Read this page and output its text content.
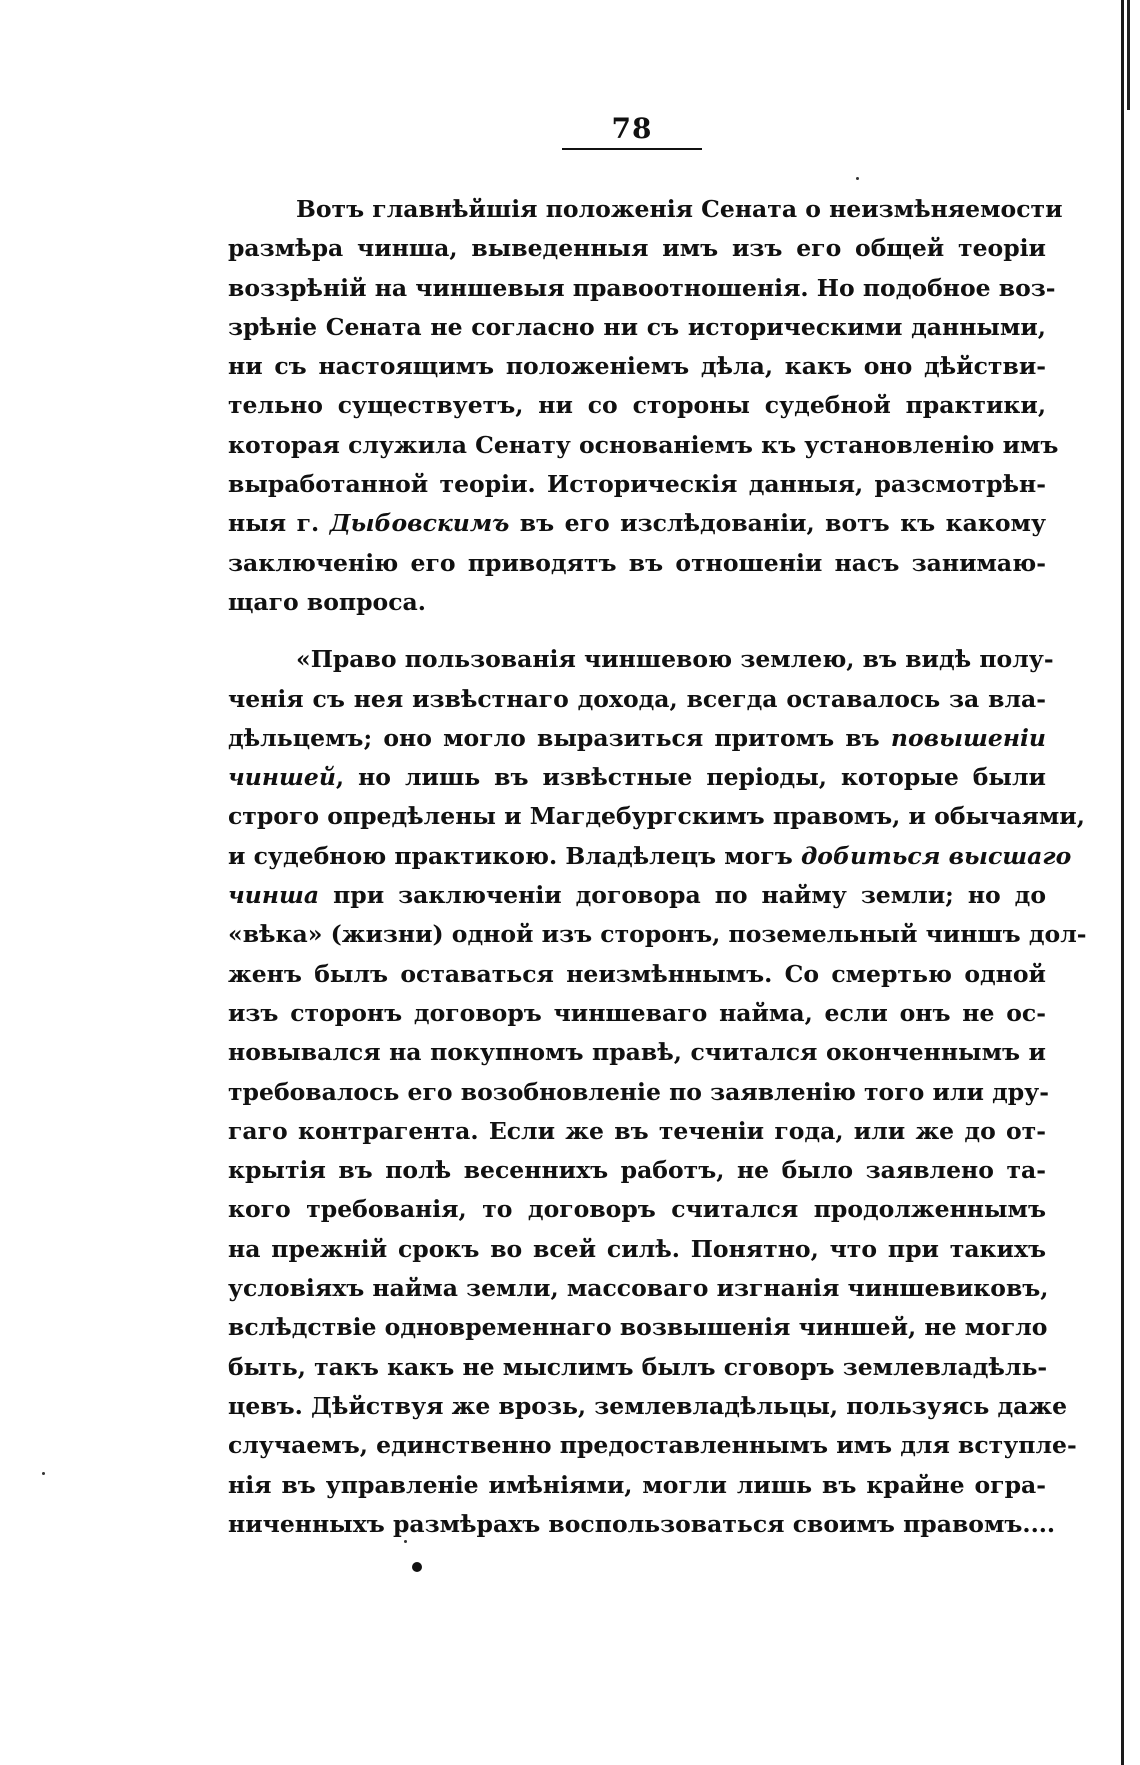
78
Вотъ главнѣйшія положенія Сената о неизмѣняемости
размѣра чинша, выведенныя имъ изъ его общей теоріи
воззрѣній на чиншевыя правоотношенія. Но подобное воз-
зрѣніе Сената не согласно ни съ историческими данными,
ни съ настоящимъ положеніемъ дѣла, какъ оно дѣйстви-
тельно существуетъ, ни со стороны судебной практики,
которая служила Сенату основаніемъ къ установленію имъ
выработанной теоріи. Историческія данныя, разсмотрѣн-
ныя г. Дыбовскимъ въ его изслѣдованіи, вотъ къ какому
заключенію его приводятъ въ отношеніи насъ занимаю-
щаго вопроса.
«Право пользованія чиншевою землею, въ видѣ полу-
ченія съ нея извѣстнаго дохода, всегда оставалось за вла-
дѣльцемъ; оно могло выразиться притомъ въ повышеніи
чиншей, но лишь въ извѣстные періоды, которые были
строго опредѣлены и Магдебургскимъ правомъ, и обычаями,
и судебною практикою. Владѣлецъ могъ добиться высшаго
чинша при заключеніи договора по найму земли; но до
«вѣка» (жизни) одной изъ сторонъ, поземельный чиншъ дол-
женъ былъ оставаться неизмѣннымъ. Со смертью одной
изъ сторонъ договоръ чиншеваго найма, если онъ не ос-
новывался на покупномъ правѣ, считался оконченнымъ и
требовалось его возобновленіе по заявленію того или дру-
гаго контрагента. Если же въ теченіи года, или же до от-
крытія въ полѣ весеннихъ работъ, не было заявлено та-
кого требованія, то договоръ считался продолженнымъ
на прежній срокъ во всей силѣ. Понятно, что при такихъ
условіяхъ найма земли, массоваго изгнанія чиншевиковъ,
вслѣдствіе одновременнаго возвышенія чиншей, не могло
быть, такъ какъ не мыслимъ былъ сговоръ землевладѣль-
цевъ. Дѣйствуя же врозь, землевладѣльцы, пользуясь даже
случаемъ, единственно предоставленнымъ имъ для вступле-
нія въ управленіе имѣніями, могли лишь въ крайне огра-
ниченныхъ размѣрахъ воспользоваться своимъ правомъ....
